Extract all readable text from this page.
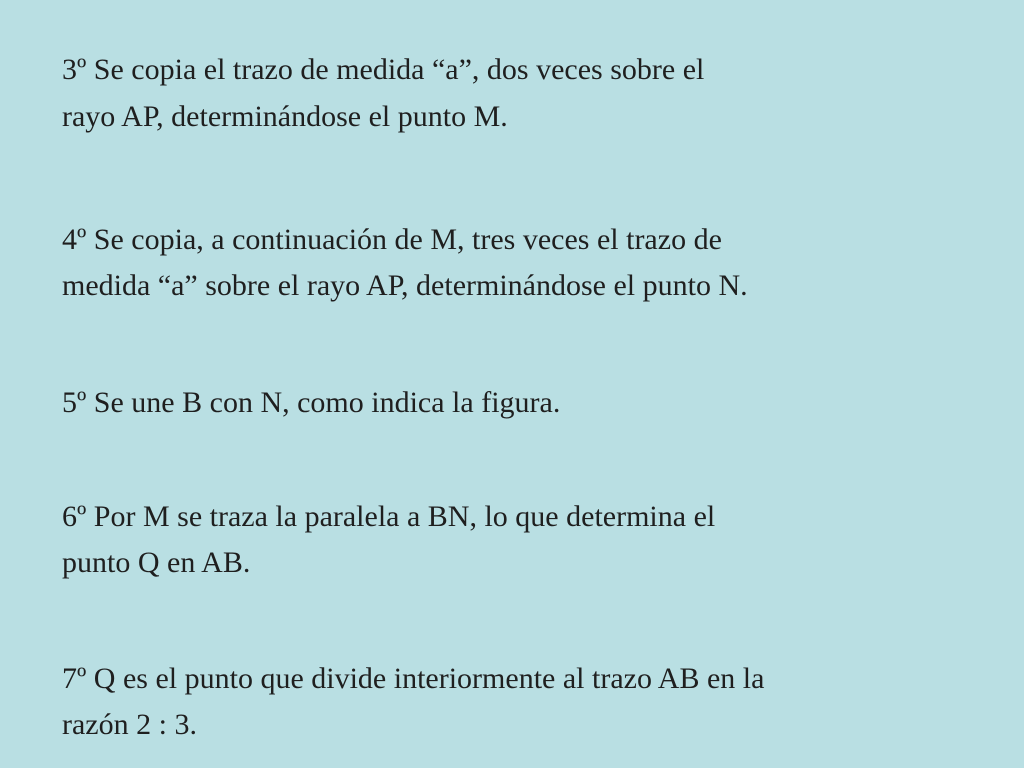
3º Se copia el trazo de medida “a”, dos veces sobre el
rayo AP, determinándose el punto M.

4º Se copia, a continuación de M, tres veces el trazo de
medida “a” sobre el rayo AP, determinándose el punto N.

5º Se une B con N, como indica la figura.

6º Por M se traza la paralela a BN, lo que determina el
punto Q en AB.

7º Q es el punto que divide interiormente al trazo AB en la
razón 2 : 3.
